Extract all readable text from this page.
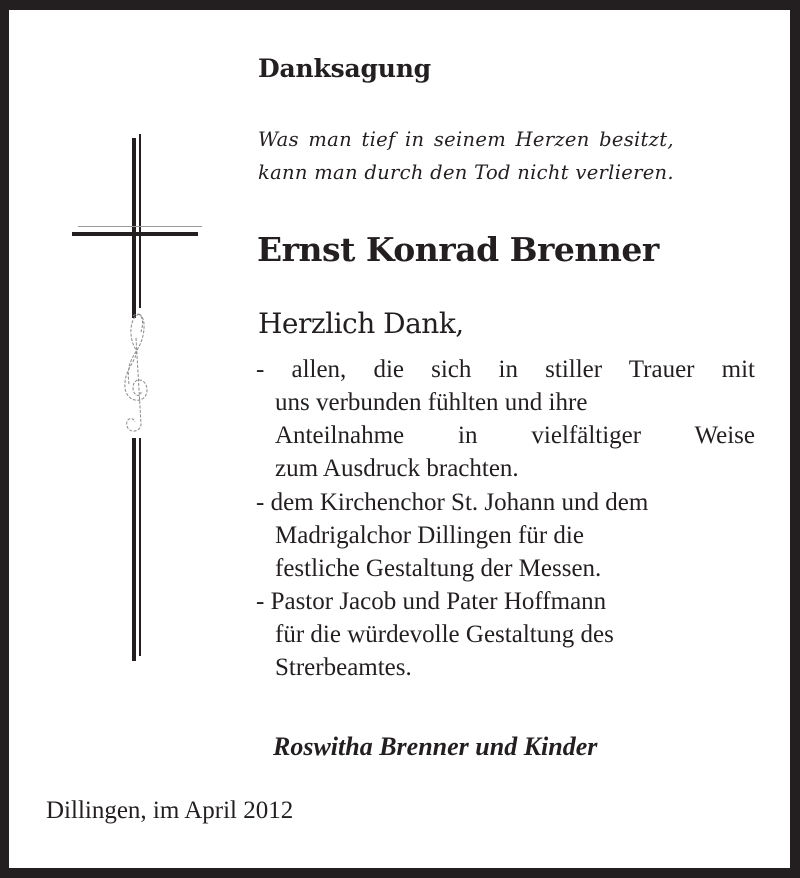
Danksagung
Was man tief in seinem Herzen besitzt,
kann man durch den Tod nicht verlieren.
Ernst Konrad Brenner
Herzlich Dank,
- allen, die sich in stiller Trauer mit
uns verbunden fühlten und ihre
Anteilnahme in vielfältiger Weise
zum Ausdruck brachten.
- dem Kirchenchor St. Johann und dem
Madrigalchor Dillingen für die
festliche Gestaltung der Messen.
- Pastor Jacob und Pater Hoffmann
für die würdevolle Gestaltung des
Strerbeamtes.
Roswitha Brenner und Kinder
Dillingen, im April 2012
